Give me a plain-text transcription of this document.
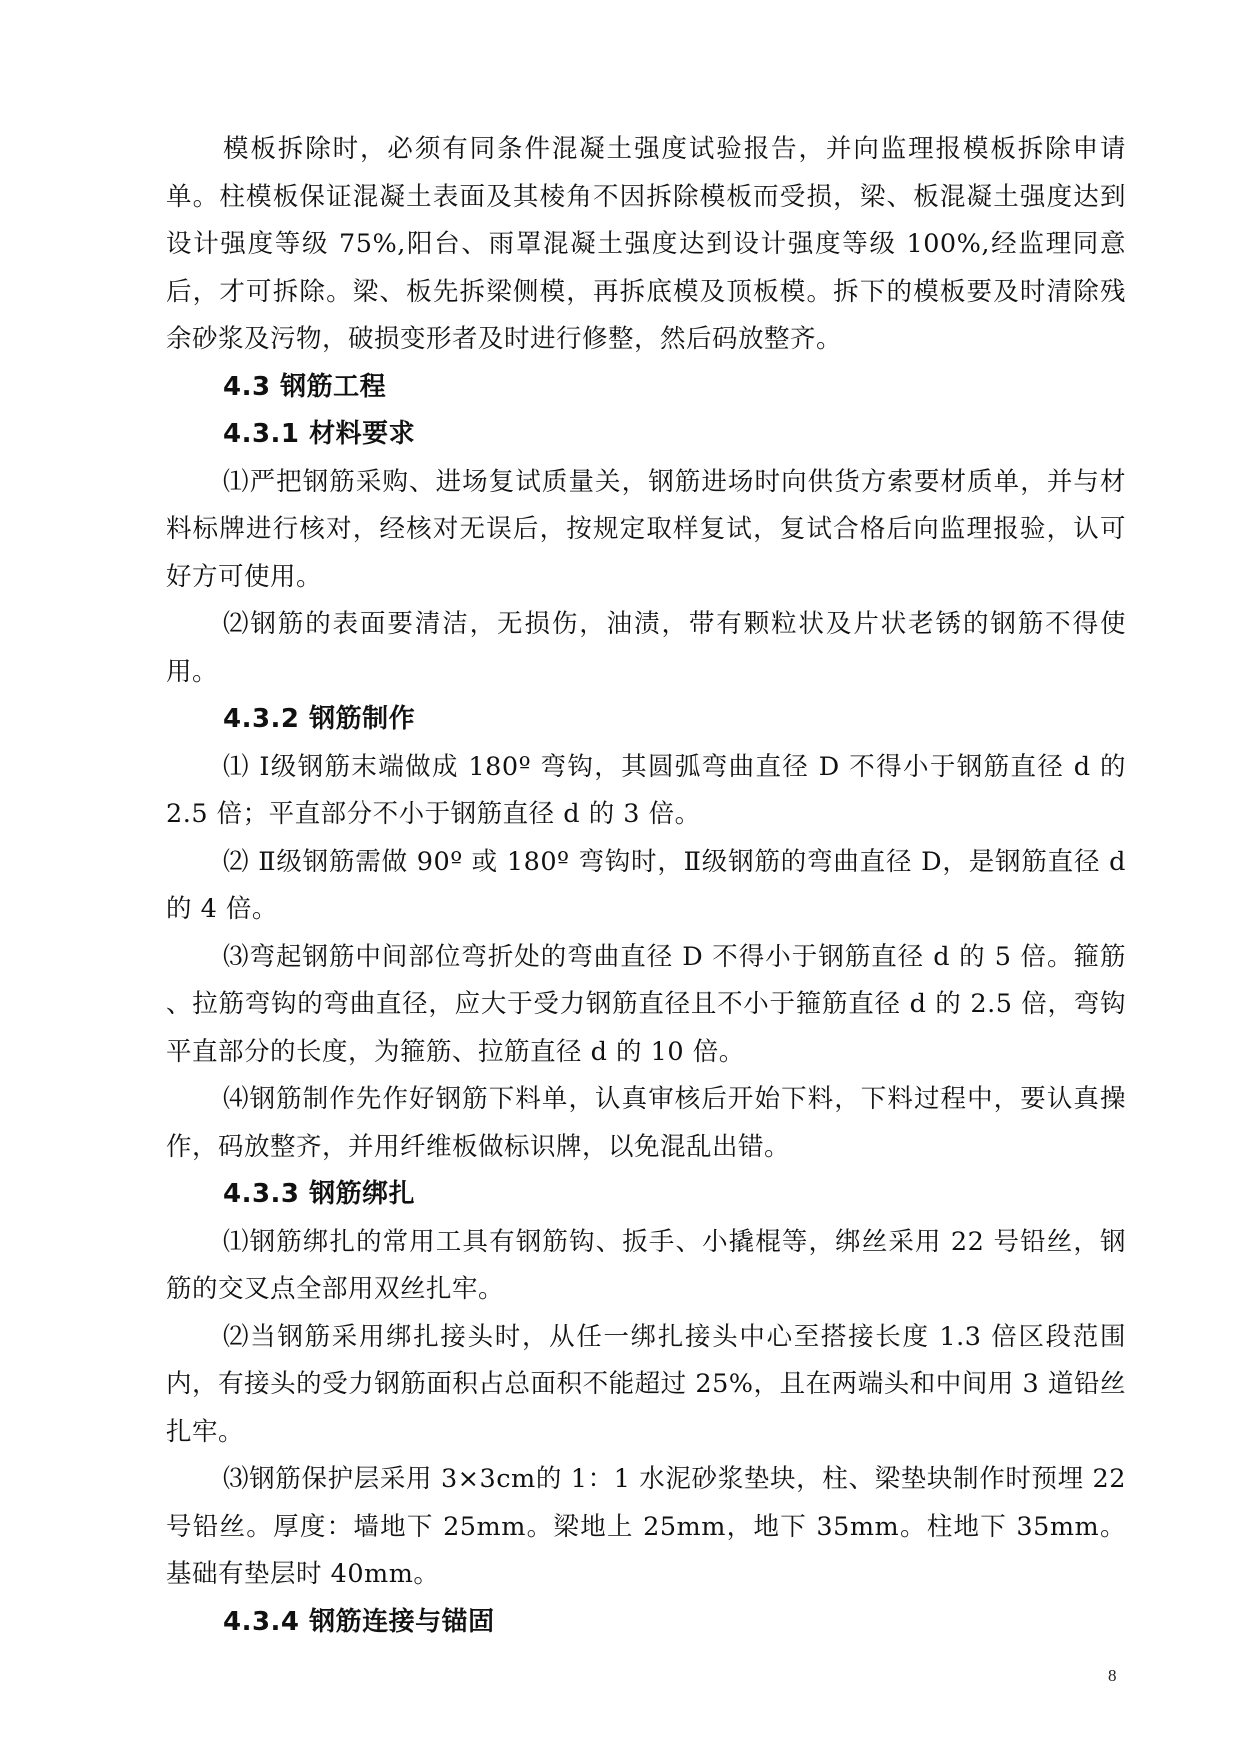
模板拆除时，必须有同条件混凝土强度试验报告，并向监理报模板拆除申请单。柱模板保证混凝土表面及其棱角不因拆除模板而受损，梁、板混凝土强度达到设计强度等级 75%,阳台、雨罩混凝土强度达到设计强度等级 100%,经监理同意后，才可拆除。梁、板先拆梁侧模，再拆底模及顶板模。拆下的模板要及时清除残余砂浆及污物，破损变形者及时进行修整，然后码放整齐。

4.3 钢筋工程

4.3.1 材料要求

⑴严把钢筋采购、进场复试质量关，钢筋进场时向供货方索要材质单，并与材料标牌进行核对，经核对无误后，按规定取样复试，复试合格后向监理报验，认可好方可使用。

⑵钢筋的表面要清洁，无损伤，油渍，带有颗粒状及片状老锈的钢筋不得使用。

4.3.2 钢筋制作

⑴ Ⅰ级钢筋末端做成 180º 弯钩，其圆弧弯曲直径 D 不得小于钢筋直径 d 的 2.5 倍；平直部分不小于钢筋直径 d 的 3 倍。

⑵ Ⅱ级钢筋需做 90º 或 180º 弯钩时，Ⅱ级钢筋的弯曲直径 D，是钢筋直径 d 的 4 倍。

⑶弯起钢筋中间部位弯折处的弯曲直径 D 不得小于钢筋直径 d 的 5 倍。箍筋 、拉筋弯钩的弯曲直径，应大于受力钢筋直径且不小于箍筋直径 d 的 2.5 倍，弯钩平直部分的长度，为箍筋、拉筋直径 d 的 10 倍。

⑷钢筋制作先作好钢筋下料单，认真审核后开始下料，下料过程中，要认真操作，码放整齐，并用纤维板做标识牌，以免混乱出错。

4.3.3 钢筋绑扎

⑴钢筋绑扎的常用工具有钢筋钩、扳手、小撬棍等，绑丝采用 22 号铅丝，钢筋的交叉点全部用双丝扎牢。

⑵当钢筋采用绑扎接头时，从任一绑扎接头中心至搭接长度 1.3 倍区段范围内，有接头的受力钢筋面积占总面积不能超过 25%，且在两端头和中间用 3 道铅丝扎牢。

⑶钢筋保护层采用 3×3cm的 1：1 水泥砂浆垫块，柱、梁垫块制作时预埋 22 号铅丝。厚度：墙地下 25mm。梁地上 25mm，地下 35mm。柱地下 35mm。基础有垫层时 40mm。

4.3.4 钢筋连接与锚固

8
